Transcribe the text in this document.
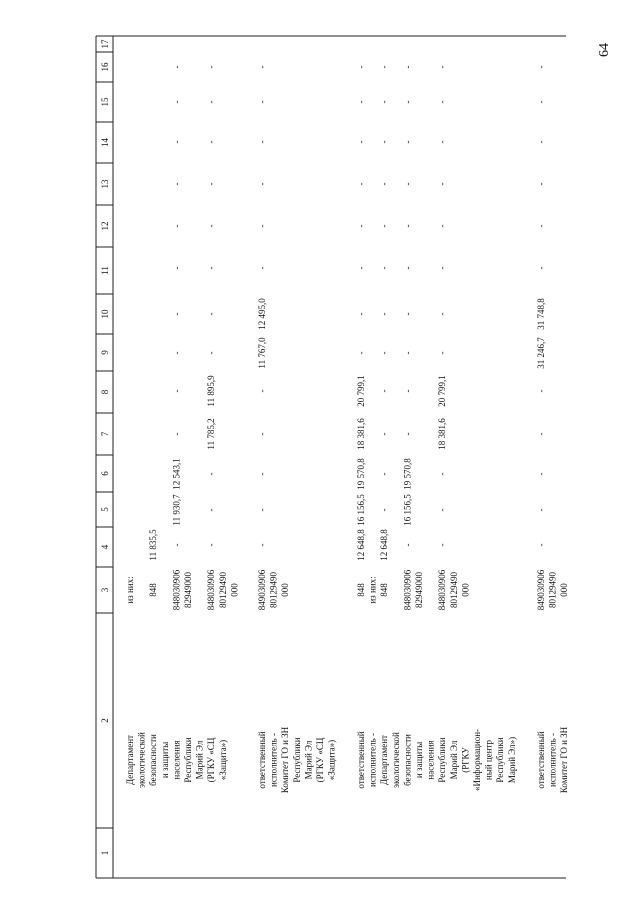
64
1
2
3
4
5
6
7
8
9
10
11
12
13
14
15
16
17
Департамент экологической безопасности и защиты населения Республики Марий Эл (РГКУ «СЦ «Защита»)
из них: 848 848030906 82949000 848030906 80129490 000
11 835,5 -
11 930,7
12 543,1
-
-
-
-
-
-
-
-
-
-
-
-
-
11 785,2
11 895,9
-
-
-
-
-
-
-
-
ответственный исполнитель - Комитет ГО и ЗН Республики Марий Эл (РГКУ «СЦ «Защита»)
849030906 80129490 000
-
-
-
-
-
11 767,0
12 495,0
-
-
-
-
-
-
ответственный исполнитель - Департамент экологической безопасности и защиты населения Республики Марий Эл (РГКУ «Информацион- ный центр Республики Марий Эл»)
848 из них: 848 848030906 82949000 848030906 80129490 000
12 648,8
16 156,5
19 570,8
18 381,6
20 799,1
-
-
-
-
-
-
-
-
12 648,8
-
-
-
-
-
-
-
-
-
-
-
-
-
16 156,5
19 570,8
-
-
-
-
-
-
-
-
-
-
-
-
-
18 381,6
20 799,1
-
-
-
-
-
-
-
-
ответственный исполнитель - Комитет ГО и ЗН
849030906 80129490 000
-
-
-
-
-
31 246,7
31 748,8
-
-
-
-
-
-
